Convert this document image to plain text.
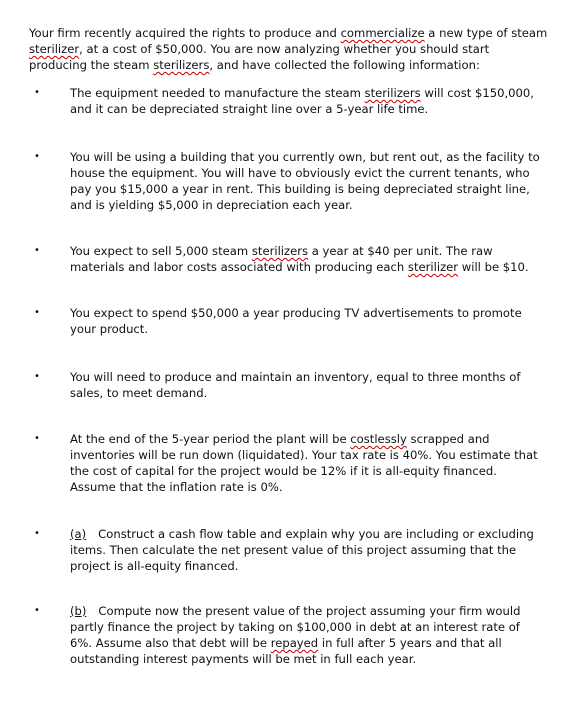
Your firm recently acquired the rights to produce and commercialize a new type of steam sterilizer, at a cost of $50,000. You are now analyzing whether you should start producing the steam sterilizers, and have collected the following information:

•	The equipment needed to manufacture the steam sterilizers will cost $150,000, and it can be depreciated straight line over a 5-year life time.

•	You will be using a building that you currently own, but rent out, as the facility to house the equipment. You will have to obviously evict the current tenants, who pay you $15,000 a year in rent. This building is being depreciated straight line, and is yielding $5,000 in depreciation each year.

•	You expect to sell 5,000 steam sterilizers a year at $40 per unit. The raw materials and labor costs associated with producing each sterilizer will be $10.

•	You expect to spend $50,000 a year producing TV advertisements to promote your product.

•	You will need to produce and maintain an inventory, equal to three months of sales, to meet demand.

•	At the end of the 5-year period the plant will be costlessly scrapped and inventories will be run down (liquidated). Your tax rate is 40%. You estimate that the cost of capital for the project would be 12% if it is all-equity financed. Assume that the inflation rate is 0%.

•	(a) Construct a cash flow table and explain why you are including or excluding items. Then calculate the net present value of this project assuming that the project is all-equity financed.

•	(b) Compute now the present value of the project assuming your firm would partly finance the project by taking on $100,000 in debt at an interest rate of 6%. Assume also that debt will be repayed in full after 5 years and that all outstanding interest payments will be met in full each year.
